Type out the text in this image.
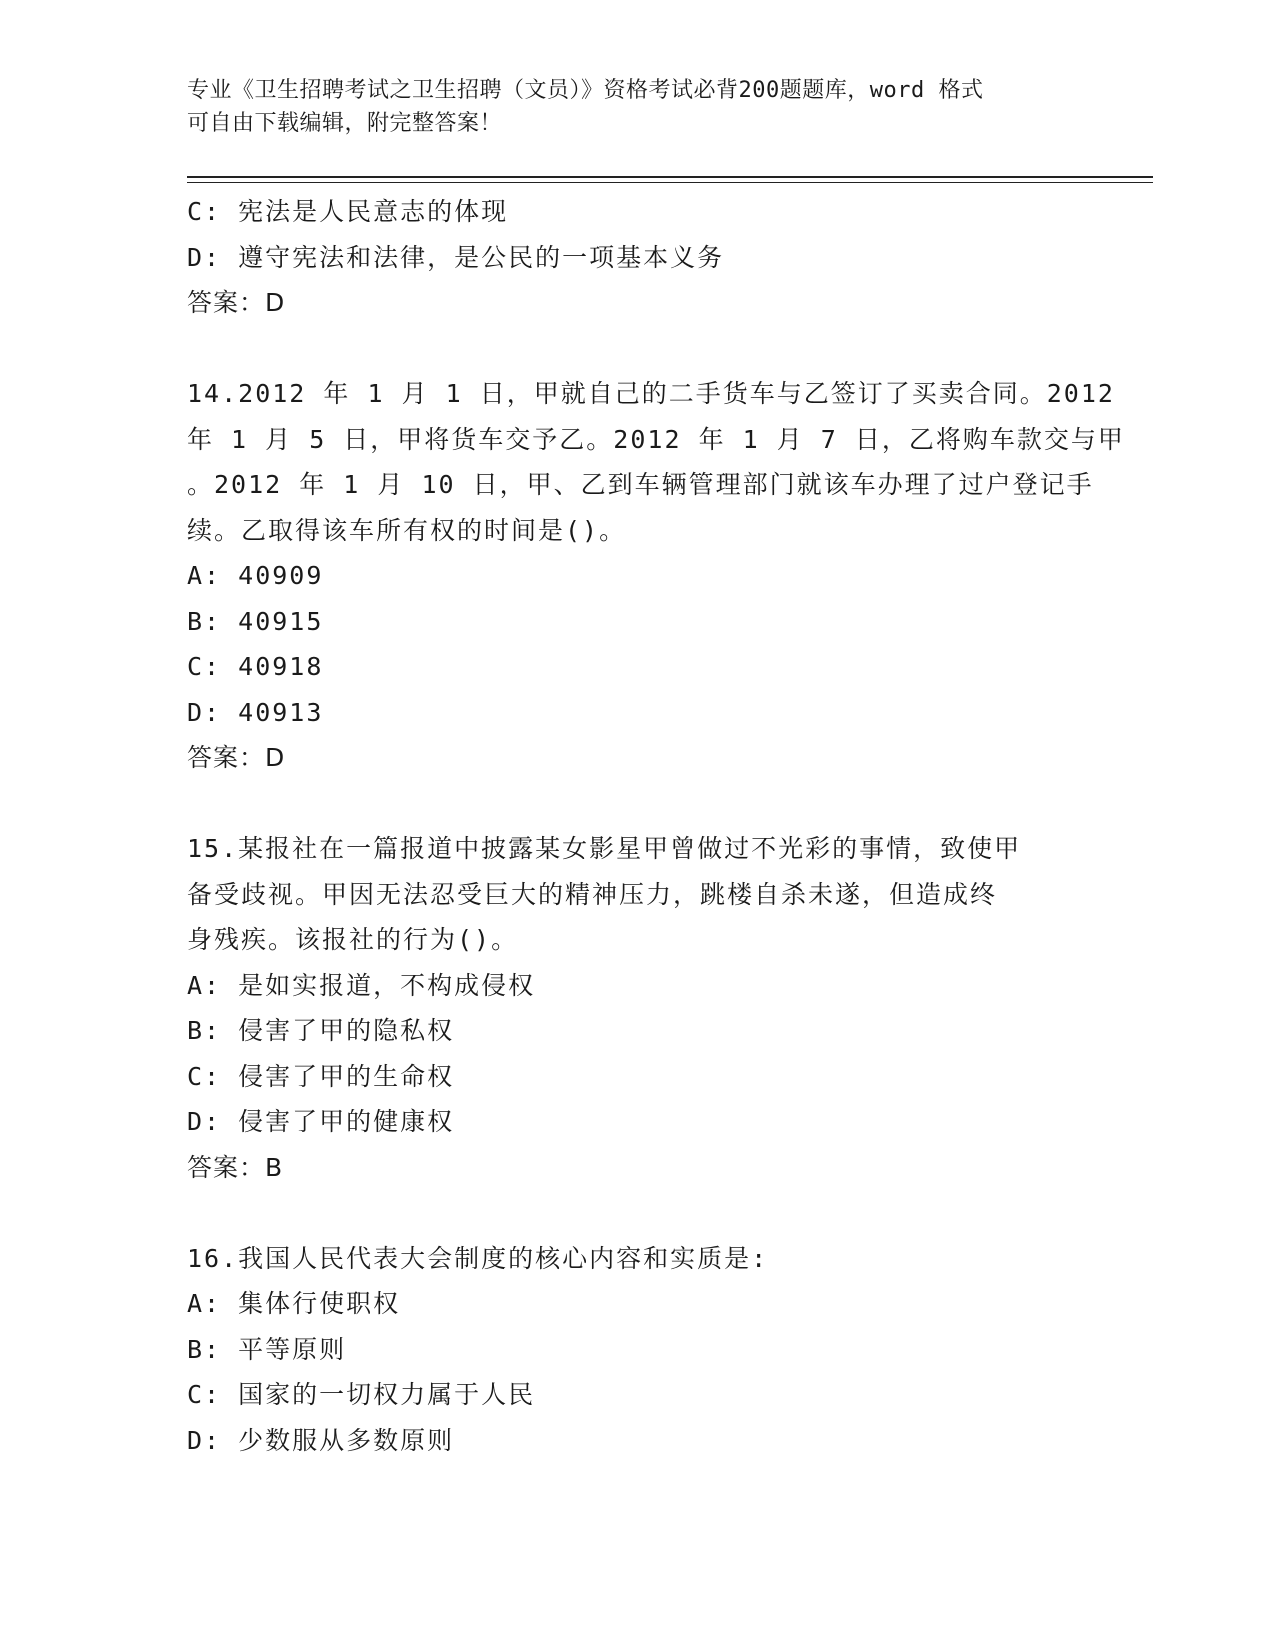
专业《卫生招聘考试之卫生招聘（文员）》资格考试必背200题题库，word 格式
可自由下载编辑，附完整答案！
C: 宪法是人民意志的体现
D: 遵守宪法和法律，是公民的一项基本义务
答案：D
14.2012 年 1 月 1 日，甲就自己的二手货车与乙签订了买卖合同。2012
年 1 月 5 日，甲将货车交予乙。2012 年 1 月 7 日，乙将购车款交与甲
。2012 年 1 月 10 日，甲、乙到车辆管理部门就该车办理了过户登记手
续。乙取得该车所有权的时间是()。
A: 40909
B: 40915
C: 40918
D: 40913
答案：D
15.某报社在一篇报道中披露某女影星甲曾做过不光彩的事情，致使甲
备受歧视。甲因无法忍受巨大的精神压力，跳楼自杀未遂，但造成终
身残疾。该报社的行为()。
A: 是如实报道，不构成侵权
B: 侵害了甲的隐私权
C: 侵害了甲的生命权
D: 侵害了甲的健康权
答案：B
16.我国人民代表大会制度的核心内容和实质是:
A: 集体行使职权
B: 平等原则
C: 国家的一切权力属于人民
D: 少数服从多数原则
